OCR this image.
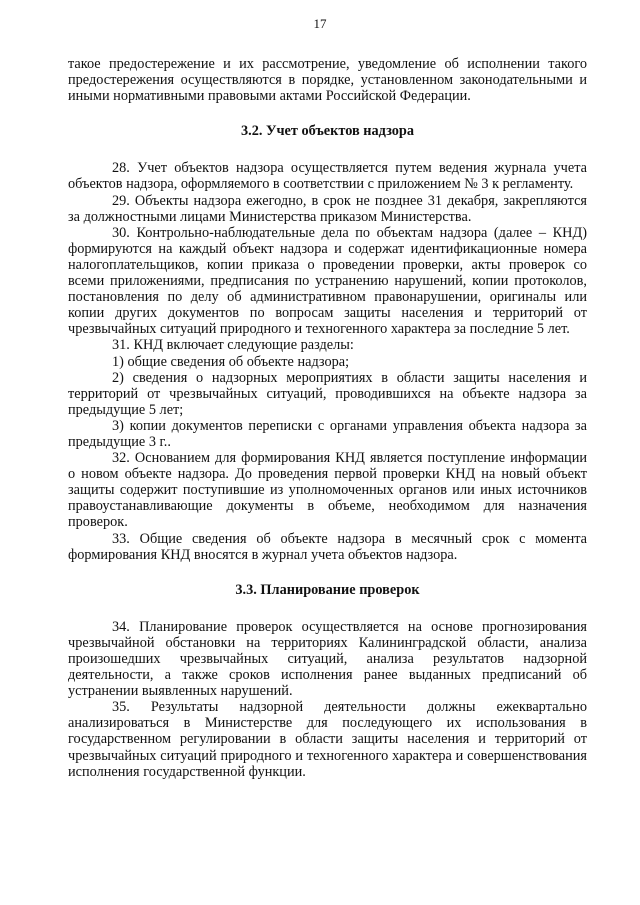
17

такое предостережение и их рассмотрение, уведомление об исполнении такого предостережения осуществляются в порядке, установленном законодательными и иными нормативными правовыми актами Российской Федерации.

3.2. Учет объектов надзора

28. Учет объектов надзора осуществляется путем ведения журнала учета объектов надзора, оформляемого в соответствии с приложением № 3 к регламенту.

29. Объекты надзора ежегодно, в срок не позднее 31 декабря, закрепляются за должностными лицами Министерства приказом Министерства.

30. Контрольно-наблюдательные дела по объектам надзора (далее – КНД) формируются на каждый объект надзора и содержат идентификационные номера налогоплательщиков, копии приказа о проведении проверки, акты проверок со всеми приложениями, предписания по устранению нарушений, копии протоколов, постановления по делу об административном правонарушении, оригиналы или копии других документов по вопросам защиты населения и территорий от чрезвычайных ситуаций природного и техногенного характера за последние 5 лет.

31. КНД включает следующие разделы:

1) общие сведения об объекте надзора;

2) сведения о надзорных мероприятиях в области защиты населения и территорий от чрезвычайных ситуаций, проводившихся на объекте надзора за предыдущие 5 лет;

3) копии документов переписки с органами управления объекта надзора за предыдущие 3 г..

32. Основанием для формирования КНД является поступление информации о новом объекте надзора. До проведения первой проверки КНД на новый объект защиты содержит поступившие из уполномоченных органов или иных источников правоустанавливающие документы в объеме, необходимом для назначения проверок.

33. Общие сведения об объекте надзора в месячный срок с момента формирования КНД вносятся в журнал учета объектов надзора.

3.3. Планирование проверок

34. Планирование проверок осуществляется на основе прогнозирования чрезвычайной обстановки на территориях Калининградской области, анализа произошедших чрезвычайных ситуаций, анализа результатов надзорной деятельности, а также сроков исполнения ранее выданных предписаний об устранении выявленных нарушений.

35. Результаты надзорной деятельности должны ежеквартально анализироваться в Министерстве для последующего их использования в государственном регулировании в области защиты населения и территорий от чрезвычайных ситуаций природного и техногенного характера и совершенствования исполнения государственной функции.
